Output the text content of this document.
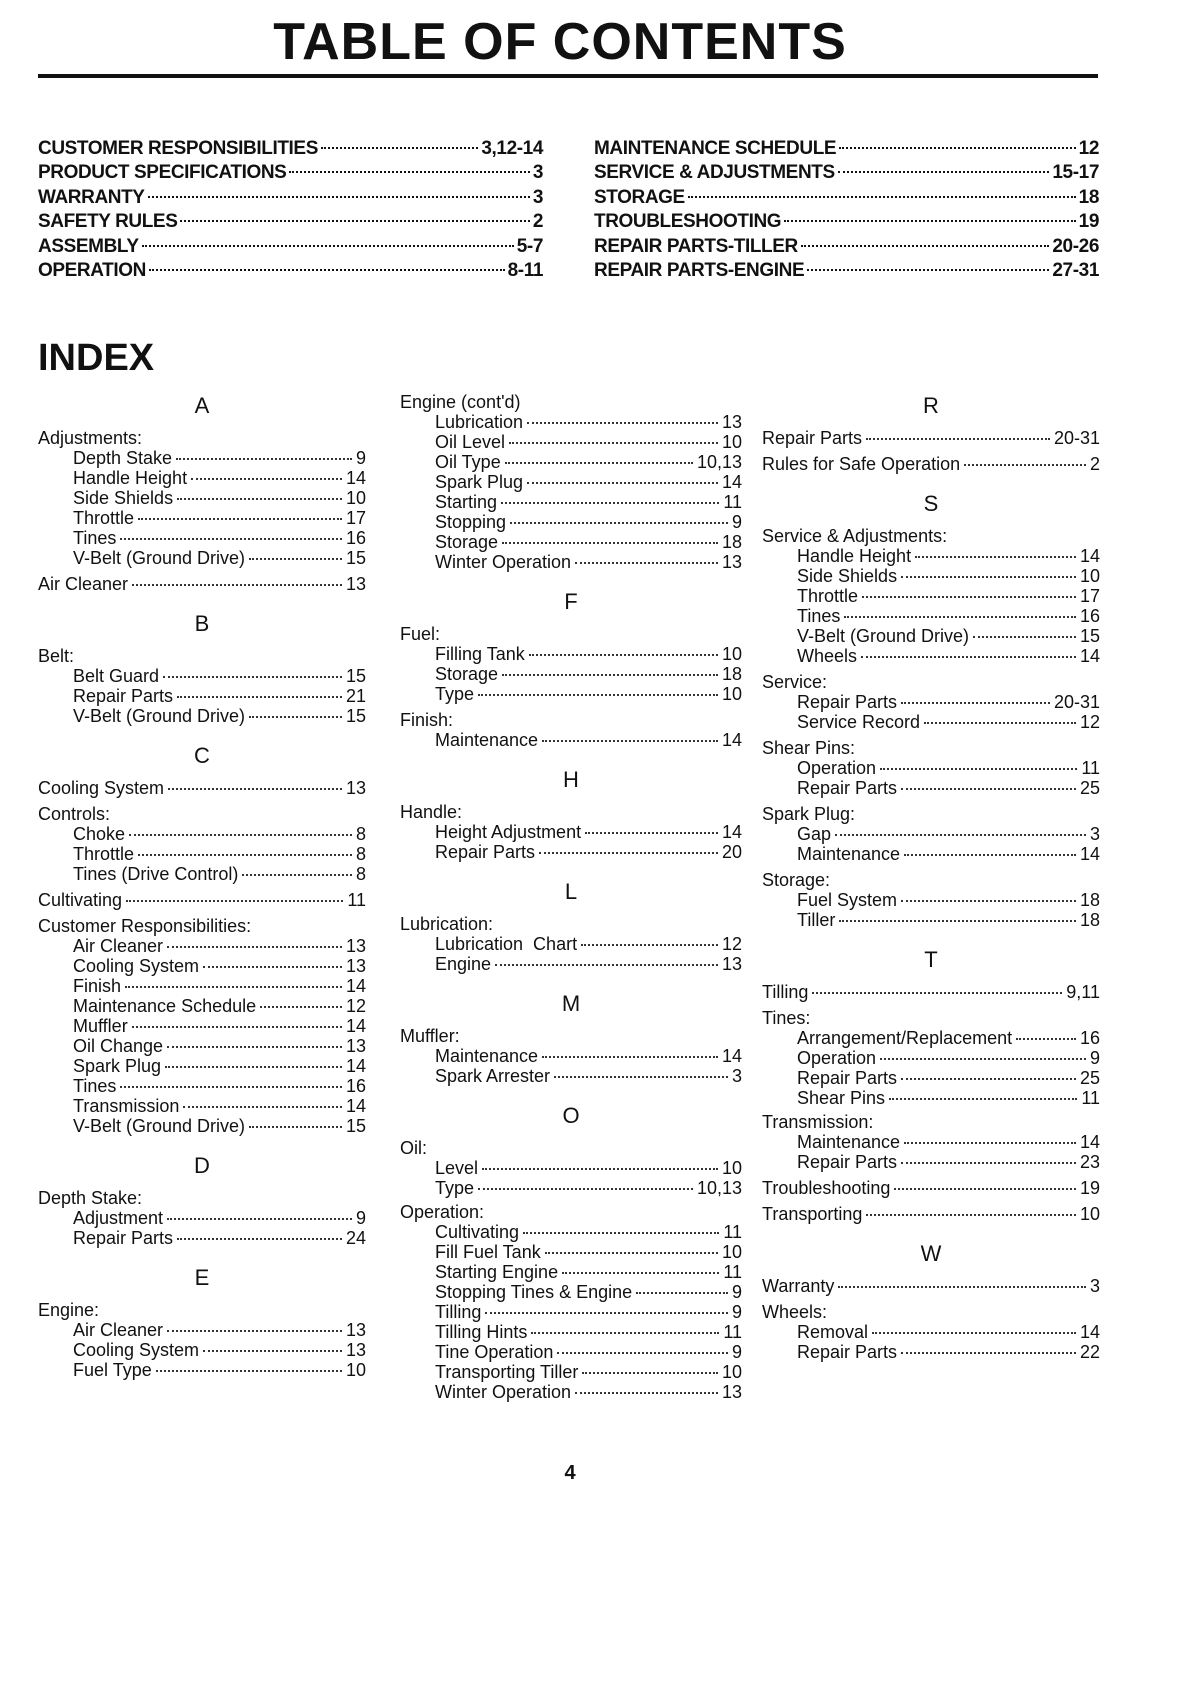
TABLE OF CONTENTS
CUSTOMER RESPONSIBILITIES	3,12-14
PRODUCT SPECIFICATIONS	3
WARRANTY	3
SAFETY RULES	2
ASSEMBLY	5-7
OPERATION	8-11
MAINTENANCE SCHEDULE	12
SERVICE & ADJUSTMENTS	15-17
STORAGE	18
TROUBLESHOOTING	19
REPAIR PARTS-TILLER	20-26
REPAIR PARTS-ENGINE	27-31
INDEX
A
Adjustments:
Depth Stake	9
Handle Height	14
Side Shields	10
Throttle	17
Tines	16
V-Belt (Ground Drive)	15
Air Cleaner	13
B
Belt:
Belt Guard	15
Repair Parts	21
V-Belt (Ground Drive)	15
C
Cooling System	13
Controls:
Choke	8
Throttle	8
Tines (Drive Control)	8
Cultivating	11
Customer Responsibilities:
Air Cleaner	13
Cooling System	13
Finish	14
Maintenance Schedule	12
Muffler	14
Oil Change	13
Spark Plug	14
Tines	16
Transmission	14
V-Belt (Ground Drive)	15
D
Depth Stake:
Adjustment	9
Repair Parts	24
E
Engine:
Air Cleaner	13
Cooling System	13
Fuel Type	10
Engine (cont'd)
Lubrication	13
Oil Level	10
Oil Type	10,13
Spark Plug	14
Starting	11
Stopping	9
Storage	18
Winter Operation	13
F
Fuel:
Filling Tank	10
Storage	18
Type	10
Finish:
Maintenance	14
H
Handle:
Height Adjustment	14
Repair Parts	20
L
Lubrication:
Lubrication  Chart	12
Engine	13
M
Muffler:
Maintenance	14
Spark Arrester	3
O
Oil:
Level	10
Type	10,13
Operation:
Cultivating	11
Fill Fuel Tank	10
Starting Engine	11
Stopping Tines & Engine	9
Tilling	9
Tilling Hints	11
Tine Operation	9
Transporting Tiller	10
Winter Operation	13
R
Repair Parts	20-31
Rules for Safe Operation	2
S
Service & Adjustments:
Handle Height	14
Side Shields	10
Throttle	17
Tines	16
V-Belt (Ground Drive)	15
Wheels	14
Service:
Repair Parts	20-31
Service Record	12
Shear Pins:
Operation	11
Repair Parts	25
Spark Plug:
Gap	3
Maintenance	14
Storage:
Fuel System	18
Tiller	18
T
Tilling	9,11
Tines:
Arrangement/Replacement	16
Operation	9
Repair Parts	25
Shear Pins	11
Transmission:
Maintenance	14
Repair Parts	23
Troubleshooting	19
Transporting	10
W
Warranty	3
Wheels:
Removal	14
Repair Parts	22
4
